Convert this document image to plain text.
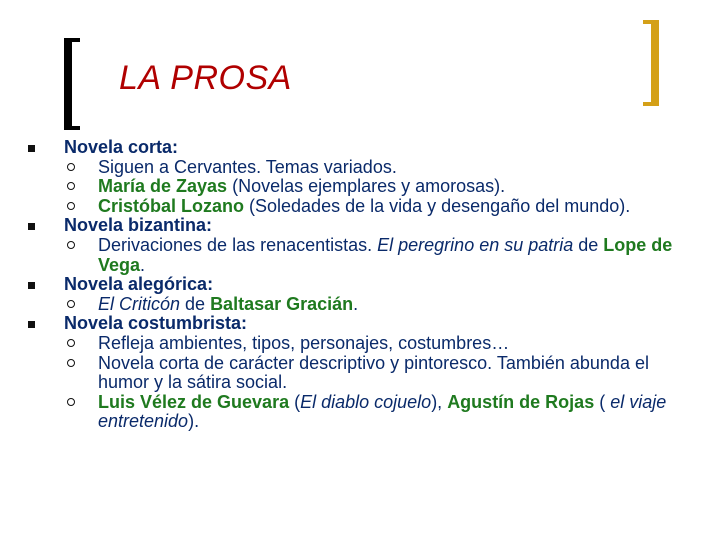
LA PROSA
Novela corta:
Siguen a Cervantes. Temas variados.
María de Zayas (Novelas ejemplares y amorosas).
Cristóbal Lozano (Soledades de la vida y desengaño del mundo).
Novela bizantina:
Derivaciones de las renacentistas. El peregrino en su patria de Lope de Vega.
Novela alegórica:
El Criticón de Baltasar Gracián.
Novela costumbrista:
Refleja ambientes, tipos, personajes, costumbres…
Novela corta de carácter descriptivo y pintoresco. También abunda el humor y la sátira social.
Luis Vélez de Guevara (El diablo cojuelo), Agustín de Rojas ( el viaje entretenido).
